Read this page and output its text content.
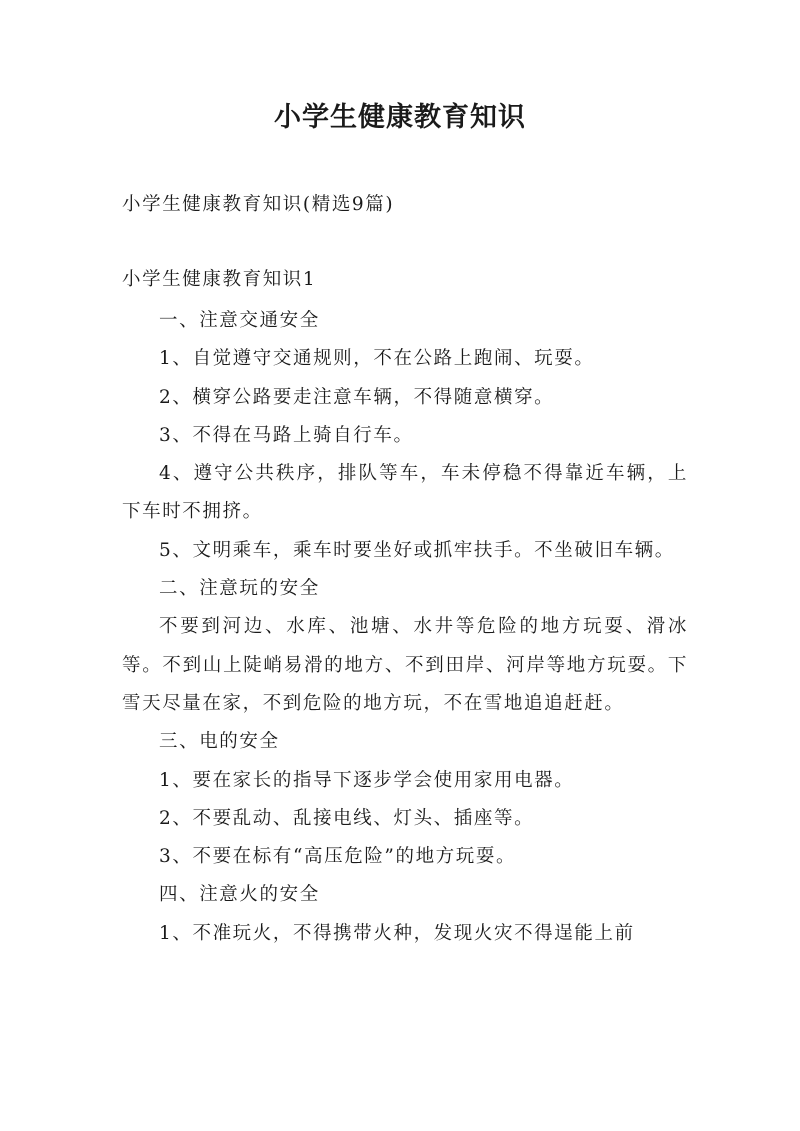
小学生健康教育知识
小学生健康教育知识(精选9篇)
小学生健康教育知识1

一、注意交通安全

1、自觉遵守交通规则，不在公路上跑闹、玩耍。

2、横穿公路要走注意车辆，不得随意横穿。

3、不得在马路上骑自行车。

4、遵守公共秩序，排队等车，车未停稳不得靠近车辆，上下车时不拥挤。

5、文明乘车，乘车时要坐好或抓牢扶手。不坐破旧车辆。

二、注意玩的安全

不要到河边、水库、池塘、水井等危险的地方玩耍、滑冰等。不到山上陡峭易滑的地方、不到田岸、河岸等地方玩耍。下雪天尽量在家，不到危险的地方玩，不在雪地追追赶赶。

三、电的安全

1、要在家长的指导下逐步学会使用家用电器。

2、不要乱动、乱接电线、灯头、插座等。

3、不要在标有“高压危险”的地方玩耍。

四、注意火的安全

1、不准玩火，不得携带火种，发现火灾不得逞能上前
